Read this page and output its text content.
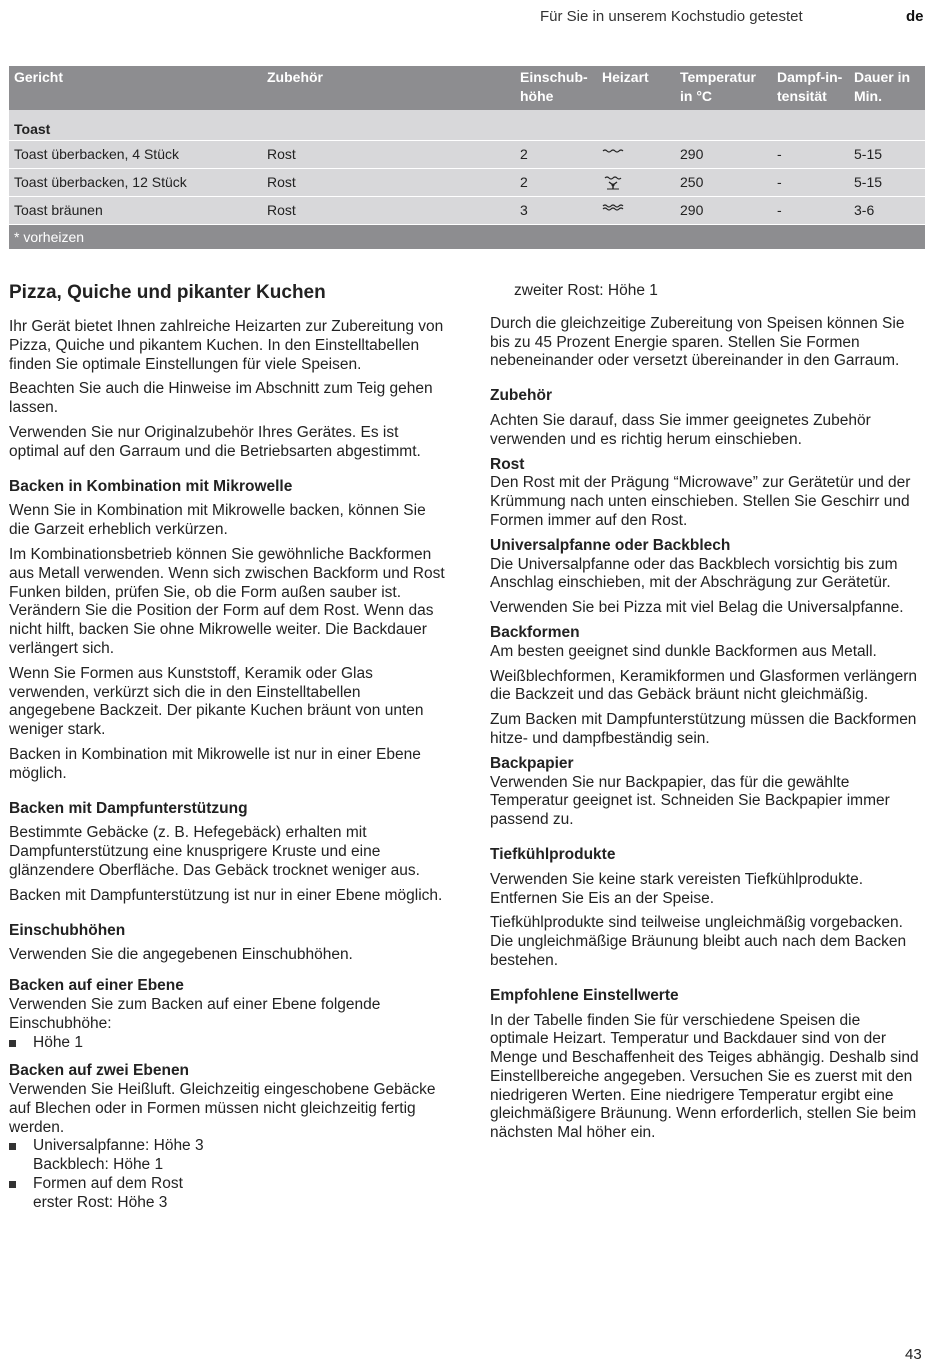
Für Sie in unserem Kochstudio getestet	de
Gericht	Zubehör	Einschub-höhe	Heizart	Temperatur in °C	Dampf-in-tensität	Dauer in Min.

Toast						
Toast überbacken, 4 Stück	Rost	2		290	-	5-15
Toast überbacken, 12 Stück	Rost	2		250	-	5-15
Toast bräunen	Rost	3		290	-	3-6
* vorheizen						
Pizza, Quiche und pikanter Kuchen

Ihr Gerät bietet Ihnen zahlreiche Heizarten zur Zubereitung von Pizza, Quiche und pikantem Kuchen. In den Einstelltabellen finden Sie optimale Einstellungen für viele Speisen.

Beachten Sie auch die Hinweise im Abschnitt zum Teig gehen lassen.

Verwenden Sie nur Originalzubehör Ihres Gerätes. Es ist optimal auf den Garraum und die Betriebsarten abgestimmt.

Backen in Kombination mit Mikrowelle

Wenn Sie in Kombination mit Mikrowelle backen, können Sie die Garzeit erheblich verkürzen.

Im Kombinationsbetrieb können Sie gewöhnliche Backformen aus Metall verwenden. Wenn sich zwischen Backform und Rost Funken bilden, prüfen Sie, ob die Form außen sauber ist. Verändern Sie die Position der Form auf dem Rost. Wenn das nicht hilft, backen Sie ohne Mikrowelle weiter. Die Backdauer verlängert sich.

Wenn Sie Formen aus Kunststoff, Keramik oder Glas verwenden, verkürzt sich die in den Einstelltabellen angegebene Backzeit. Der pikante Kuchen bräunt von unten weniger stark.

Backen in Kombination mit Mikrowelle ist nur in einer Ebene möglich.

Backen mit Dampfunterstützung

Bestimmte Gebäcke (z. B. Hefegebäck) erhalten mit Dampfunterstützung eine knusprigere Kruste und eine glänzendere Oberfläche. Das Gebäck trocknet weniger aus.

Backen mit Dampfunterstützung ist nur in einer Ebene möglich.

Einschubhöhen

Verwenden Sie die angegebenen Einschubhöhen.

Backen auf einer Ebene

Verwenden Sie zum Backen auf einer Ebene folgende Einschubhöhe:

Höhe 1
Backen auf zwei Ebenen

Verwenden Sie Heißluft. Gleichzeitig eingeschobene Gebäcke auf Blechen oder in Formen müssen nicht gleichzeitig fertig werden.

Universalpfanne: Höhe 3
Backblech: Höhe 1
Formen auf dem Rost
erster Rost: Höhe 3

zweiter Rost: Höhe 1

Durch die gleichzeitige Zubereitung von Speisen können Sie bis zu 45 Prozent Energie sparen. Stellen Sie Formen nebeneinander oder versetzt übereinander in den Garraum.

Zubehör

Achten Sie darauf, dass Sie immer geeignetes Zubehör verwenden und es richtig herum einschieben.

Rost

Den Rost mit der Prägung “Microwave” zur Gerätetür und der Krümmung nach unten einschieben. Stellen Sie Geschirr und Formen immer auf den Rost.

Universalpfanne oder Backblech

Die Universalpfanne oder das Backblech vorsichtig bis zum Anschlag einschieben, mit der Abschrägung zur Gerätetür.

Verwenden Sie bei Pizza mit viel Belag die Universalpfanne.

Backformen

Am besten geeignet sind dunkle Backformen aus Metall.

Weißblechformen, Keramikformen und Glasformen verlängern die Backzeit und das Gebäck bräunt nicht gleichmäßig.

Zum Backen mit Dampfunterstützung müssen die Backformen hitze- und dampfbeständig sein.

Backpapier

Verwenden Sie nur Backpapier, das für die gewählte Temperatur geeignet ist. Schneiden Sie Backpapier immer passend zu.

Tiefkühlprodukte

Verwenden Sie keine stark vereisten Tiefkühlprodukte. Entfernen Sie Eis an der Speise.

Tiefkühlprodukte sind teilweise ungleichmäßig vorgebacken. Die ungleichmäßige Bräunung bleibt auch nach dem Backen bestehen.

Empfohlene Einstellwerte

In der Tabelle finden Sie für verschiedene Speisen die optimale Heizart. Temperatur und Backdauer sind von der Menge und Beschaffenheit des Teiges abhängig. Deshalb sind Einstellbereiche angegeben. Versuchen Sie es zuerst mit den niedrigeren Werten. Eine niedrigere Temperatur ergibt eine gleichmäßigere Bräunung. Wenn erforderlich, stellen Sie beim nächsten Mal höher ein.

43
